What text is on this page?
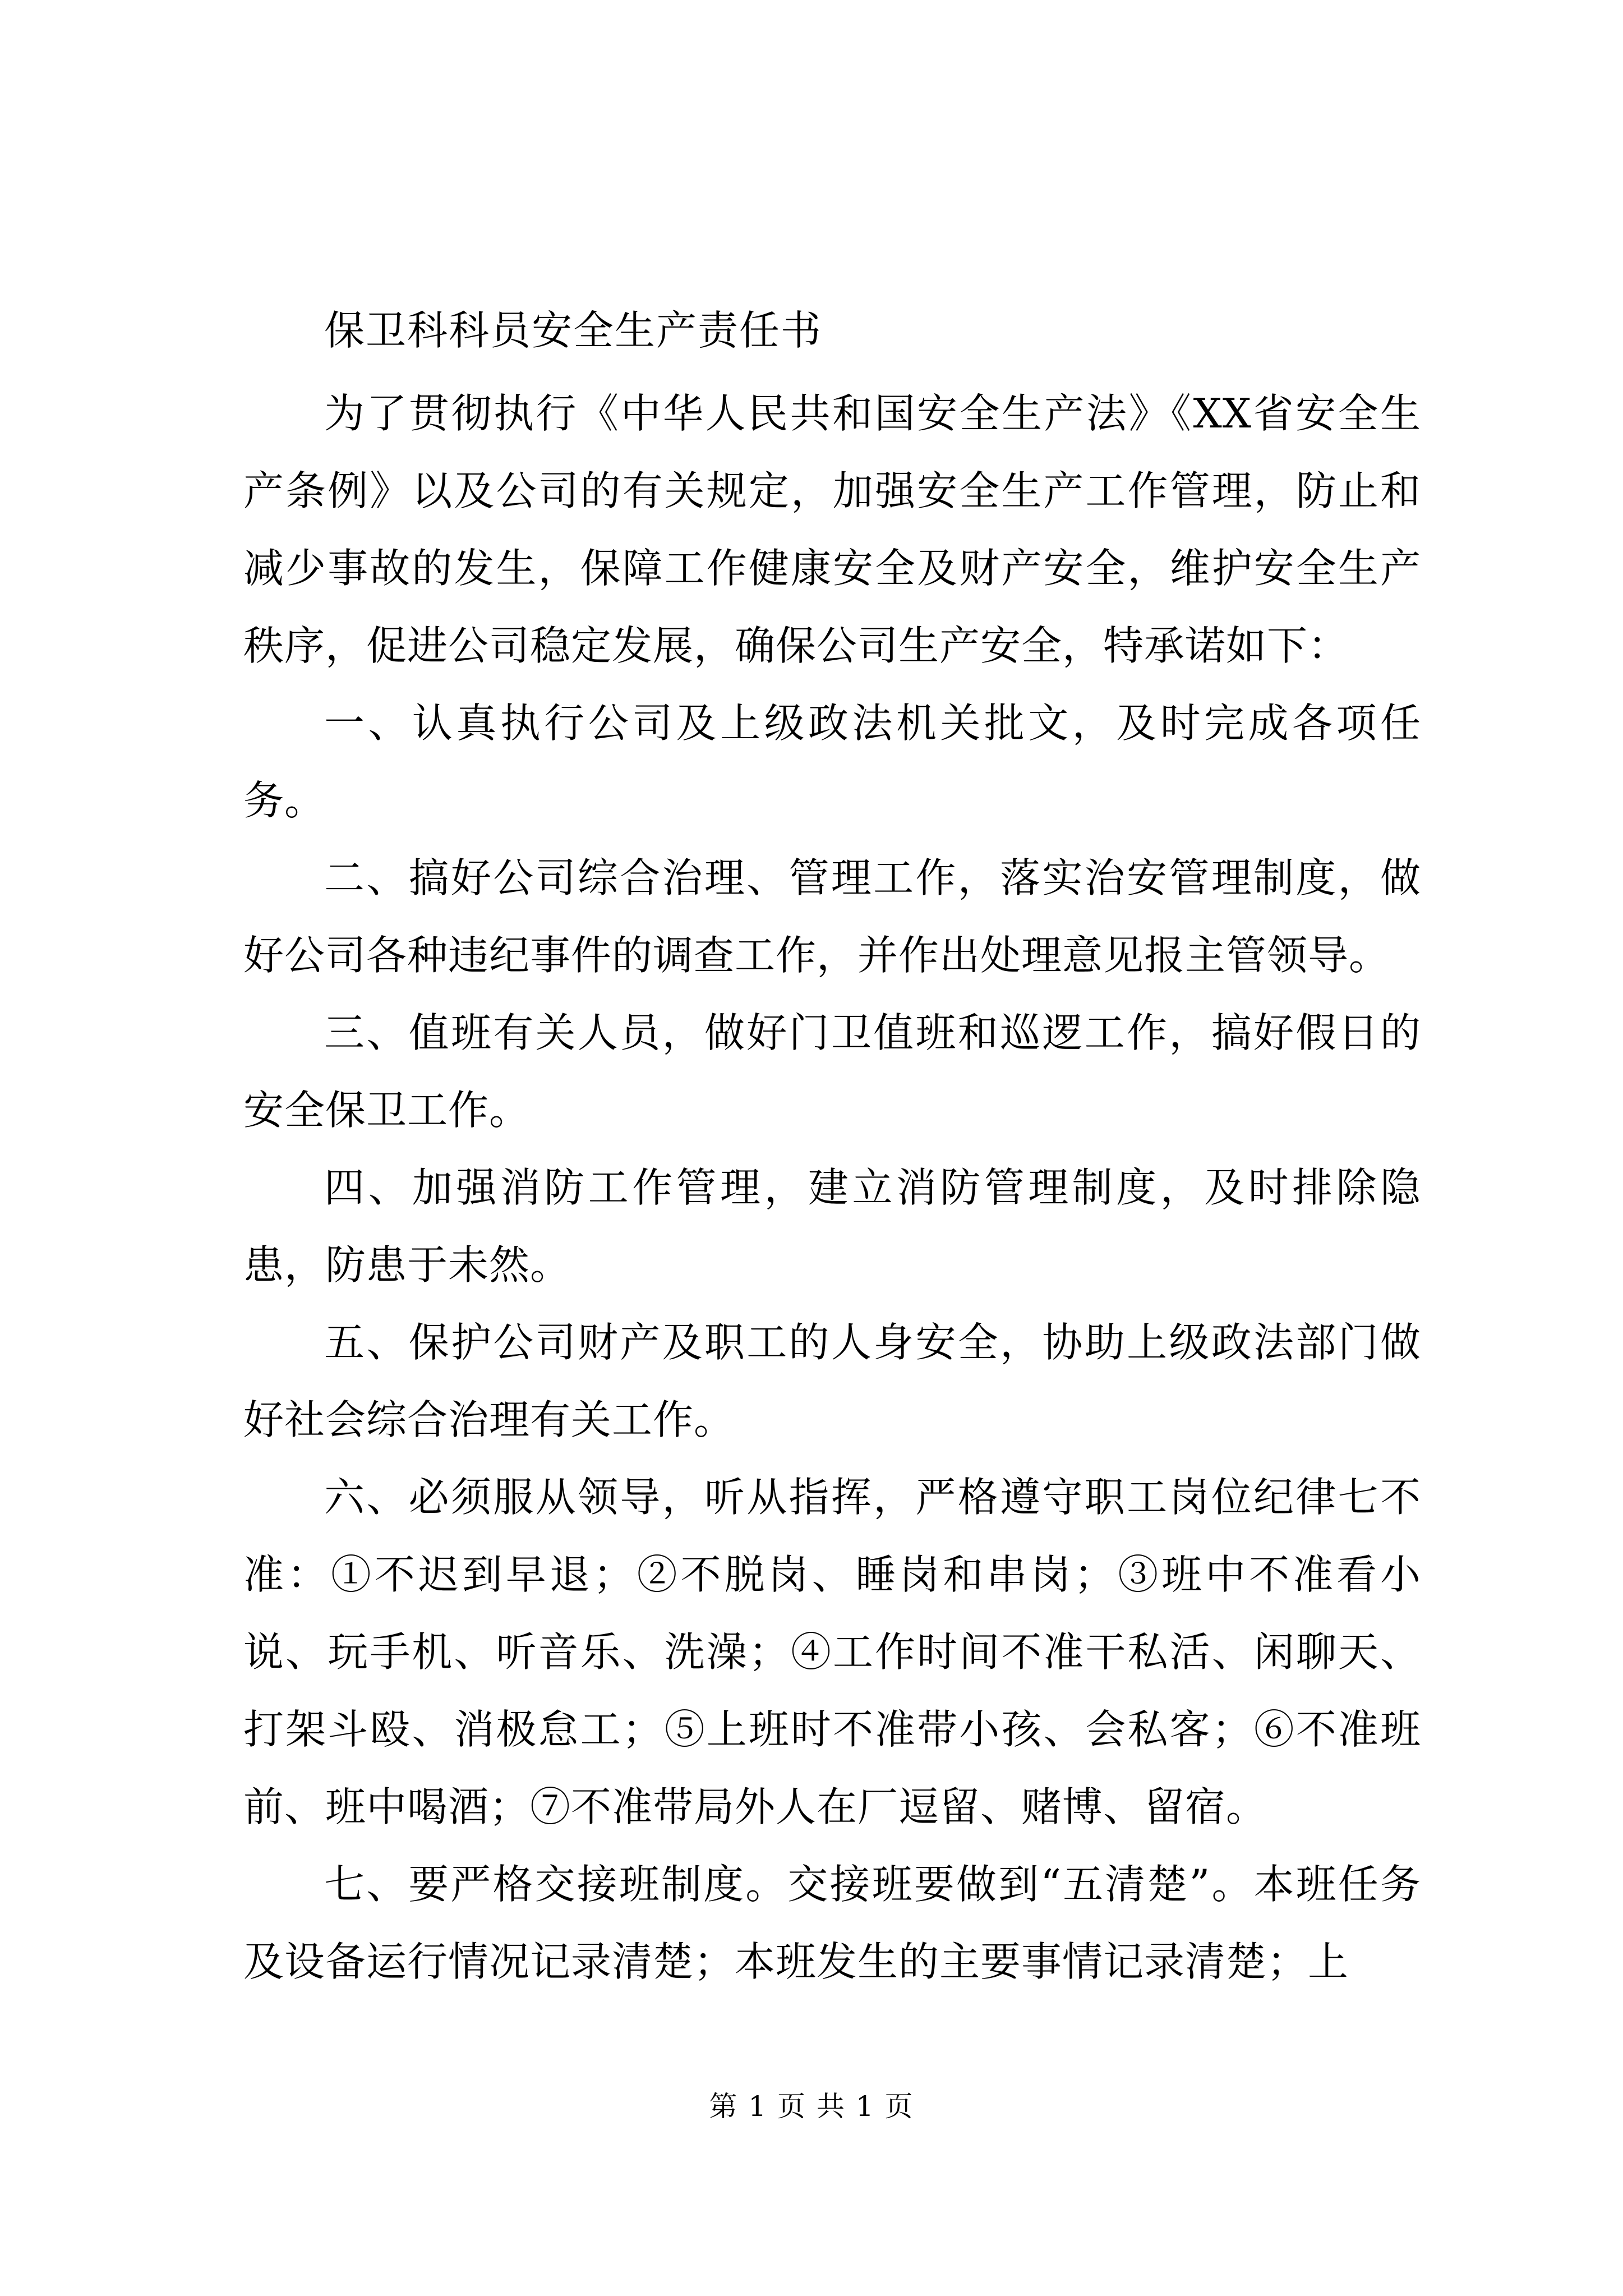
保卫科科员安全生产责任书

为了贯彻执行《中华人民共和国安全生产法》《XX省安全生产条例》以及公司的有关规定，加强安全生产工作管理，防止和减少事故的发生，保障工作健康安全及财产安全，维护安全生产秩序，促进公司稳定发展，确保公司生产安全，特承诺如下：

一、认真执行公司及上级政法机关批文，及时完成各项任务。

二、搞好公司综合治理、管理工作，落实治安管理制度，做好公司各种违纪事件的调查工作，并作出处理意见报主管领导。

三、值班有关人员，做好门卫值班和巡逻工作，搞好假日的安全保卫工作。

四、加强消防工作管理，建立消防管理制度，及时排除隐患，防患于未然。

五、保护公司财产及职工的人身安全，协助上级政法部门做好社会综合治理有关工作。

六、必须服从领导，听从指挥，严格遵守职工岗位纪律七不准：①不迟到早退；②不脱岗、睡岗和串岗；③班中不准看小说、玩手机、听音乐、洗澡；④工作时间不准干私活、闲聊天、打架斗殴、消极怠工；⑤上班时不准带小孩、会私客；⑥不准班前、班中喝酒；⑦不准带局外人在厂逗留、赌博、留宿。

七、要严格交接班制度。交接班要做到“五清楚”。本班任务及设备运行情况记录清楚；本班发生的主要事情记录清楚；上

第 1 页 共 1 页
